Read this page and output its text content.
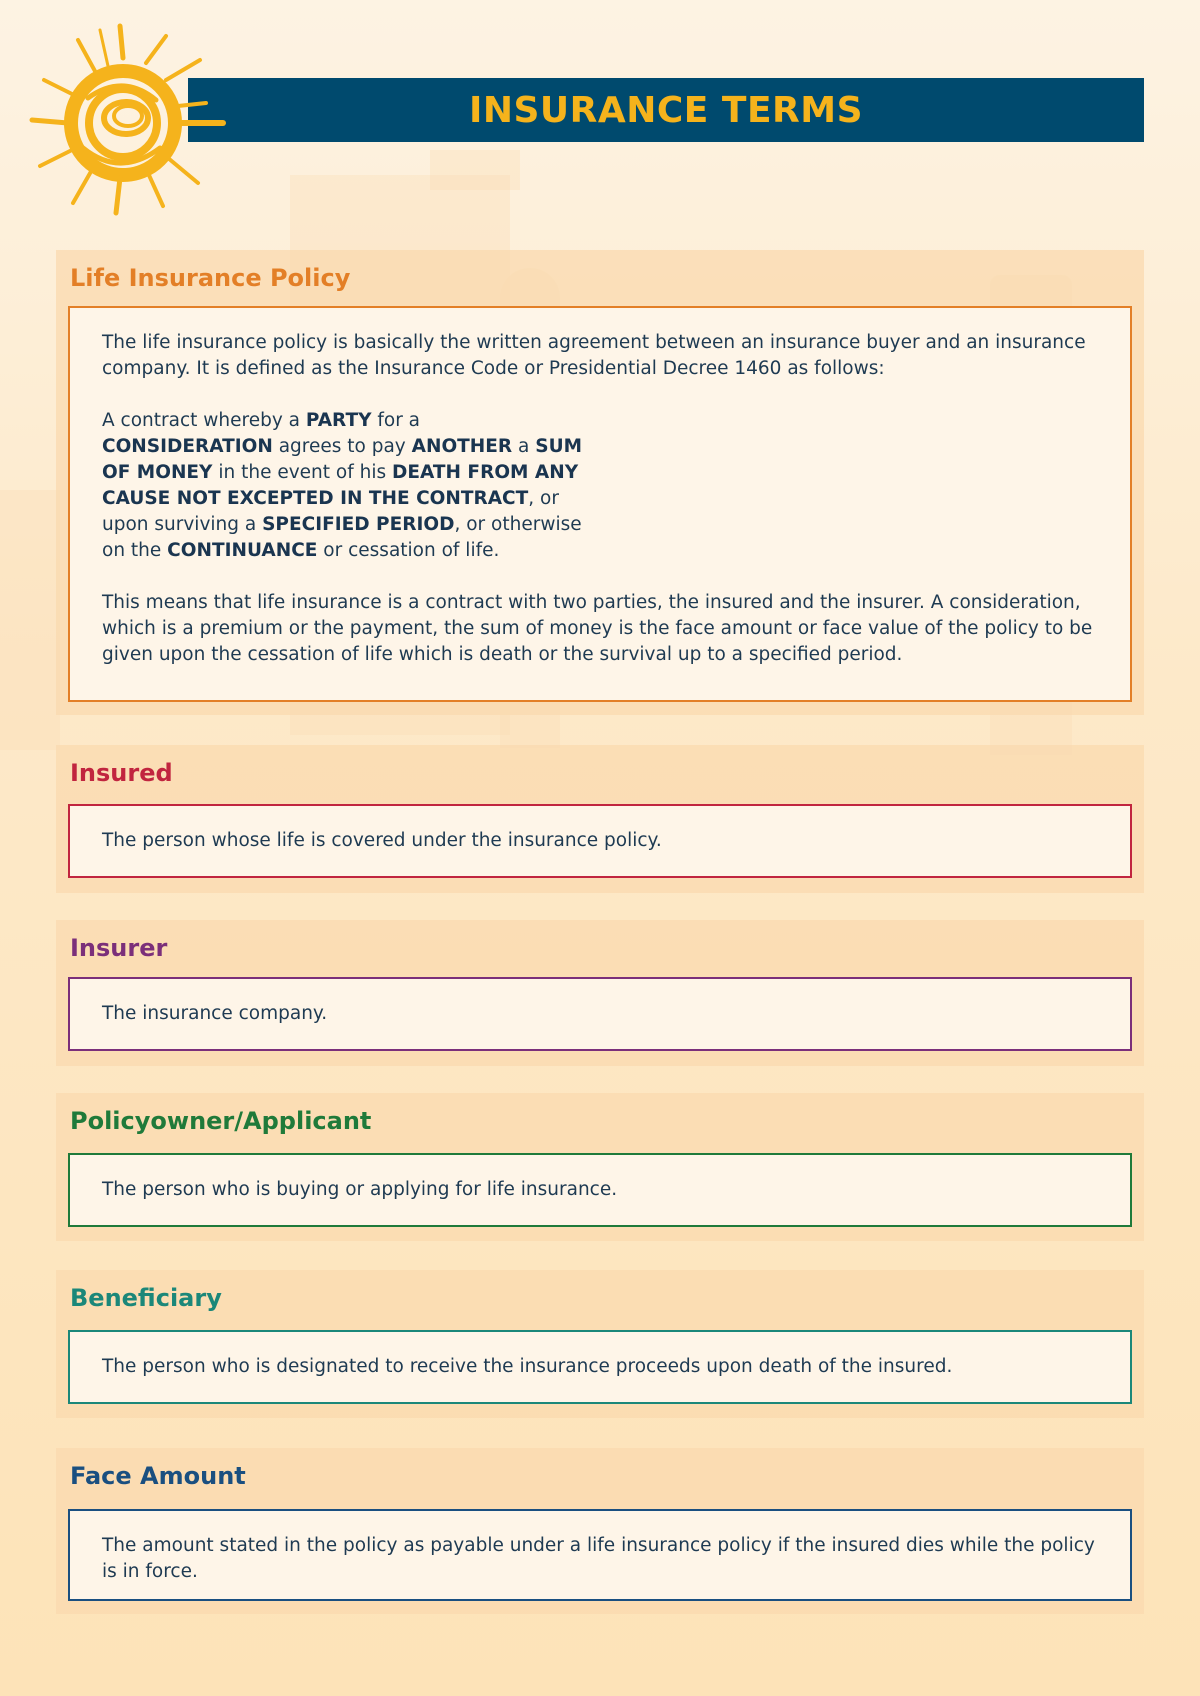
INSURANCE TERMS
Life Insurance Policy

The life insurance policy is basically the written agreement between an insurance buyer and an insurance company. It is defined as the Insurance Code or Presidential Decree 1460 as follows:

A contract whereby a PARTY for a CONSIDERATION agrees to pay ANOTHER a SUM OF MONEY in the event of his DEATH FROM ANY CAUSE NOT EXCEPTED IN THE CONTRACT, or upon surviving a SPECIFIED PERIOD, or otherwise on the CONTINUANCE or cessation of life.

This means that life insurance is a contract with two parties, the insured and the insurer. A consideration, which is a premium or the payment, the sum of money is the face amount or face value of the policy to be given upon the cessation of life which is death or the survival up to a specified period.

Insured

The person whose life is covered under the insurance policy.

Insurer

The insurance company.

Policyowner/Applicant

The person who is buying or applying for life insurance.

Beneficiary

The person who is designated to receive the insurance proceeds upon death of the insured.

Face Amount

The amount stated in the policy as payable under a life insurance policy if the insured dies while the policy is in force.
